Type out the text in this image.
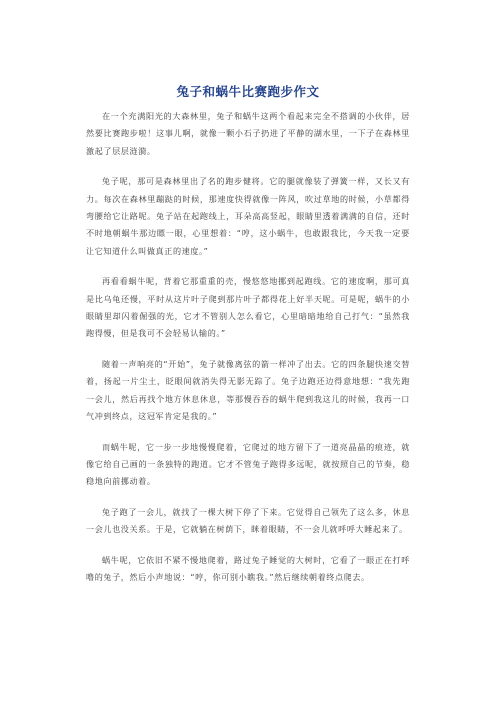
兔子和蜗牛比赛跑步作文

在一个充满阳光的大森林里，兔子和蜗牛这两个看起来完全不搭调的小伙伴，居然要比赛跑步啦！这事儿啊，就像一颗小石子扔进了平静的湖水里，一下子在森林里激起了层层涟漪。

兔子呢，那可是森林里出了名的跑步健将。它的腿就像装了弹簧一样，又长又有力。每次在森林里蹦跶的时候，那速度快得就像一阵风，吹过草地的时候，小草都得弯腰给它让路呢。兔子站在起跑线上，耳朵高高竖起，眼睛里透着满满的自信，还时不时地朝蜗牛那边瞟一眼，心里想着：“哼，这小蜗牛，也敢跟我比，今天我一定要让它知道什么叫做真正的速度。”

再看看蜗牛呢，背着它那重重的壳，慢悠悠地挪到起跑线。它的速度啊，那可真是比乌龟还慢，平时从这片叶子爬到那片叶子都得花上好半天呢。可是呢，蜗牛的小眼睛里却闪着倔强的光，它才不管别人怎么看它，心里暗暗地给自己打气：“虽然我跑得慢，但是我可不会轻易认输的。”

随着一声响亮的“开始”，兔子就像离弦的箭一样冲了出去。它的四条腿快速交替着，扬起一片尘土，眨眼间就消失得无影无踪了。兔子边跑还边得意地想：“我先跑一会儿，然后再找个地方休息休息，等那慢吞吞的蜗牛爬到我这儿的时候，我再一口气冲到终点，这冠军肯定是我的。”

而蜗牛呢，它一步一步地慢慢爬着，它爬过的地方留下了一道亮晶晶的痕迹，就像它给自己画的一条独特的跑道。它才不管兔子跑得多远呢，就按照自己的节奏，稳稳地向前挪动着。

兔子跑了一会儿，就找了一棵大树下停了下来。它觉得自己领先了这么多，休息一会儿也没关系。于是，它就躺在树荫下，眯着眼睛，不一会儿就呼呼大睡起来了。

蜗牛呢，它依旧不紧不慢地爬着，路过兔子睡觉的大树时，它看了一眼正在打呼噜的兔子，然后小声地说：“哼，你可别小瞧我。”然后继续朝着终点爬去。
